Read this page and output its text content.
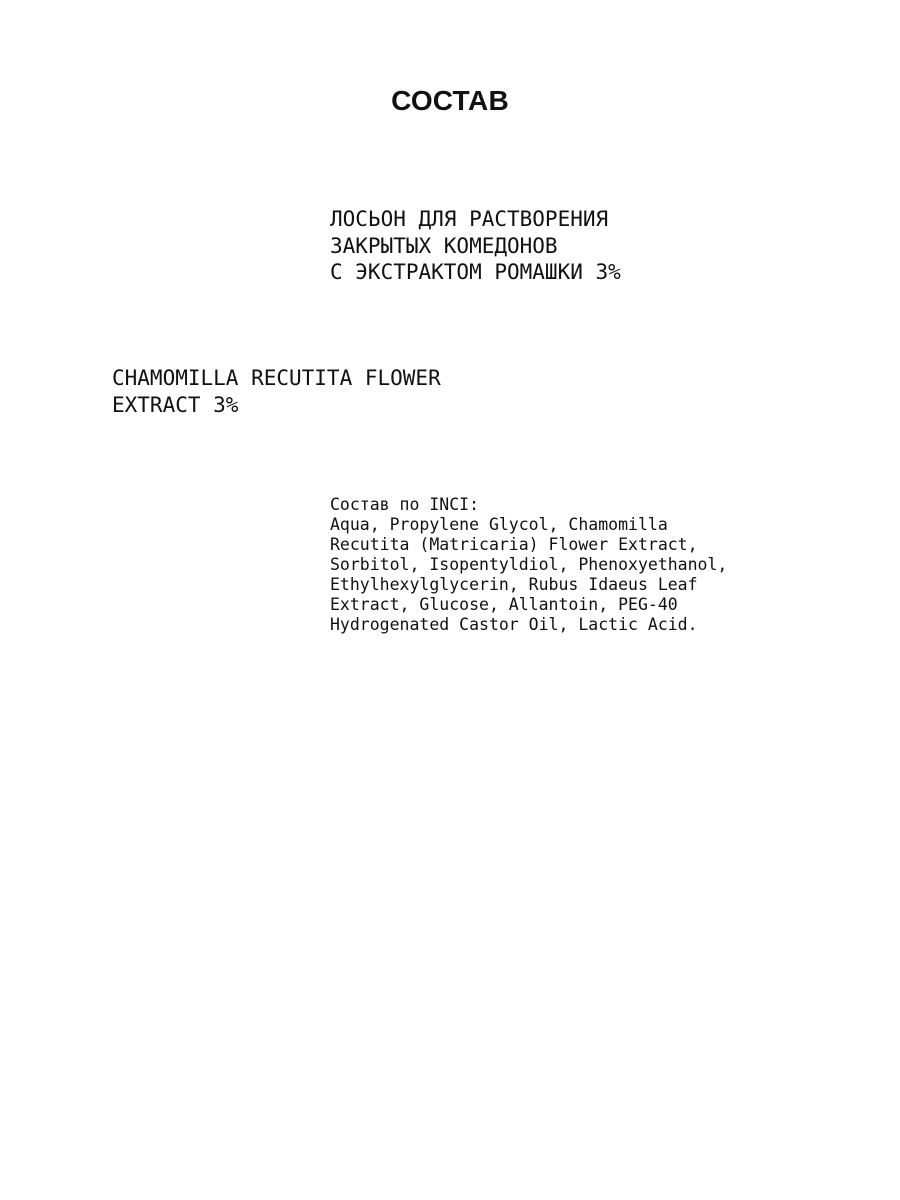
СОСТАВ
ЛОСЬОН ДЛЯ РАСТВОРЕНИЯ
ЗАКРЫТЫХ КОМЕДОНОВ
С ЭКСТРАКТОМ РОМАШКИ 3%
CHAMOMILLA RECUTITA FLOWER
EXTRACT 3%
Состав по INCI:
Aqua, Propylene Glycol, Chamomilla
Recutita (Matricaria) Flower Extract,
Sorbitol, Isopentyldiol, Phenoxyethanol,
Ethylhexylglycerin, Rubus Idaeus Leaf
Extract, Glucose, Allantoin, PEG-40
Hydrogenated Castor Oil, Lactic Acid.
